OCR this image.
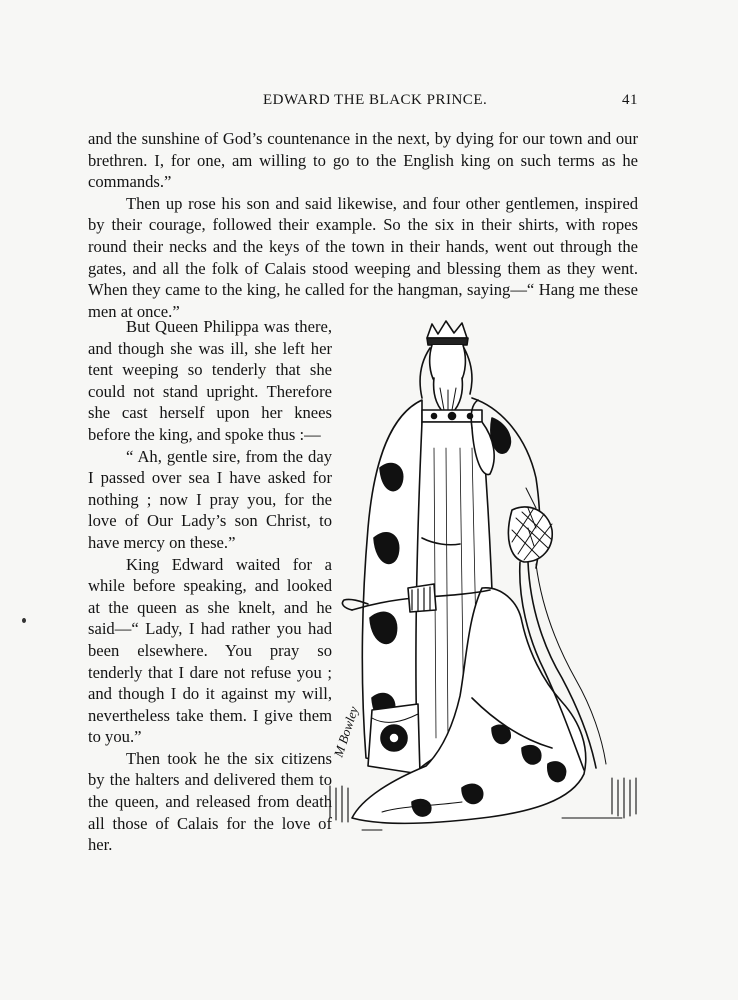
EDWARD THE BLACK PRINCE.	41

and the sunshine of God’s countenance in the next, by dying for our town and our brethren. I, for one, am willing to go to the English king on such terms as he commands.”

Then up rose his son and said likewise, and four other gentlemen, inspired by their courage, followed their example. So the six in their shirts, with ropes round their necks and the keys of the town in their hands, went out through the gates, and all the folk of Calais stood weeping and blessing them as they went. When they came to the king, he called for the hangman, saying—“ Hang me these men at once.”

But Queen Philippa was there, and though she was ill, she left her tent weeping so tenderly that she could not stand upright. Therefore she cast herself upon her knees before the king, and spoke thus :—

“ Ah, gentle sire, from the day I passed over sea I have asked for nothing ; now I pray you, for the love of Our Lady’s son Christ, to have mercy on these.”

King Edward waited for a while before speaking, and looked at the queen as she knelt, and he said—“ Lady, I had rather you had been elsewhere. You pray so tenderly that I dare not refuse you ; and though I do it against my will, nevertheless take them. I give them to you.”

Then took he the six citizens by the halters and delivered them to the queen, and released from death all those of Calais for the love of her.

M Bowley
